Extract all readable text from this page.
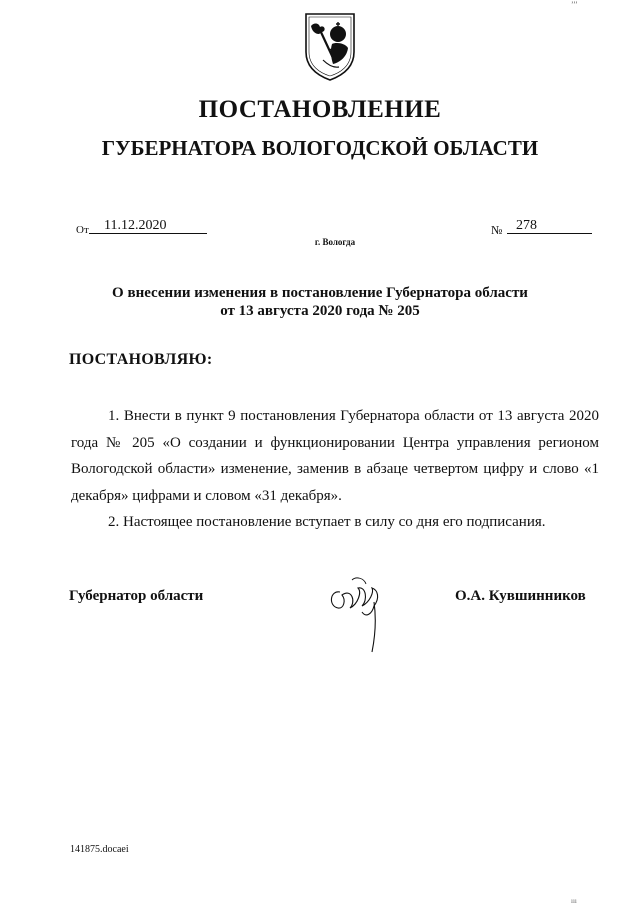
ПОСТАНОВЛЕНИЕ
ГУБЕРНАТОРА ВОЛОГОДСКОЙ ОБЛАСТИ
От 11.12.2020	№ 278
г. Вологда
О внесении изменения в постановление Губернатора области
от 13 августа 2020 года № 205
ПОСТАНОВЛЯЮ:
1. Внести в пункт 9 постановления Губернатора области от 13 августа 2020 года № 205 «О создании и функционировании Центра управления регионом Вологодской области» изменение, заменив в абзаце четвертом цифру и слово «1 декабря» цифрами и словом «31 декабря».
2. Настоящее постановление вступает в силу со дня его подписания.
Губернатор области	О.А. Кувшинников
141875.docaei
’’’
ııı
